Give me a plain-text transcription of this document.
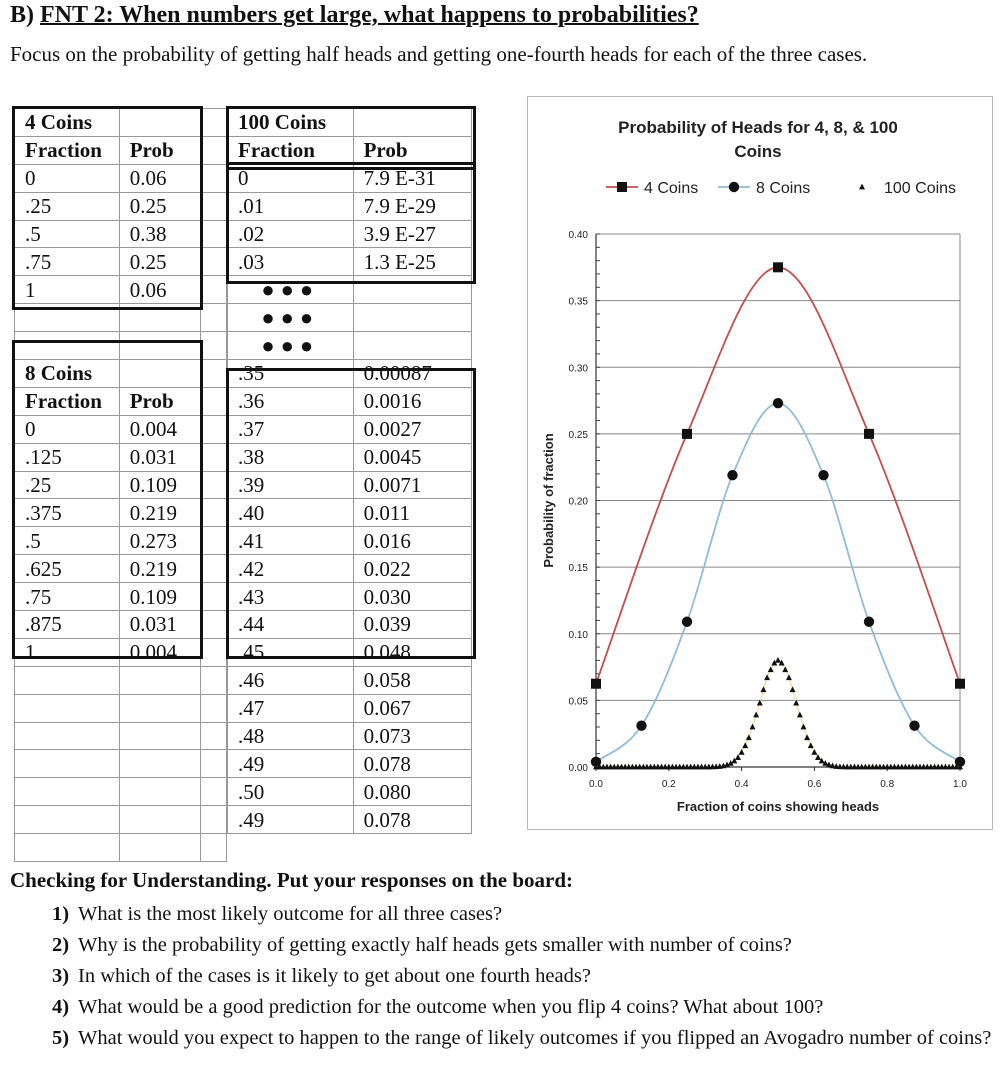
B) FNT 2: When numbers get large, what happens to probabilities?
Focus on the probability of getting half heads and getting one-fourth heads for each of the three cases.
4 Coins		
Fraction	Prob	
0	0.06	
.25	0.25	
.5	0.38	
.75	0.25	
1	0.06	

8 Coins		
Fraction	Prob	
0	0.004	
.125	0.031	
.25	0.109	
.375	0.219	
.5	0.273	
.625	0.219	
.75	0.109	
.875	0.031	
1	0.004	

100 Coins	
Fraction	Prob
0	7.9 E-31
.01	7.9 E-29
.02	3.9 E-27
.03	1.3 E-25
●●●	
●●●	
●●●	
.35	0.00087
.36	0.0016
.37	0.0027
.38	0.0045
.39	0.0071
.40	0.011
.41	0.016
.42	0.022
.43	0.030
.44	0.039
.45	0.048
.46	0.058
.47	0.067
.48	0.073
.49	0.078
.50	0.080
.49	0.078
Probability of Heads for 4, 8, & 100
Coins
0.00
0.05
0.10
0.15
0.20
0.25
0.30
0.35
0.40
0.0	0.2	0.4	0.6	0.8	1.0
Fraction of coins showing heads
Probability of fraction
4 Coins	8 Coins	100 Coins
Checking for Understanding. Put your responses on the board:
1) What is the most likely outcome for all three cases?
2) Why is the probability of getting exactly half heads gets smaller with number of coins?
3) In which of the cases is it likely to get about one fourth heads?
4) What would be a good prediction for the outcome when you flip 4 coins? What about 100?
5) What would you expect to happen to the range of likely outcomes if you flipped an Avogadro number of coins?
